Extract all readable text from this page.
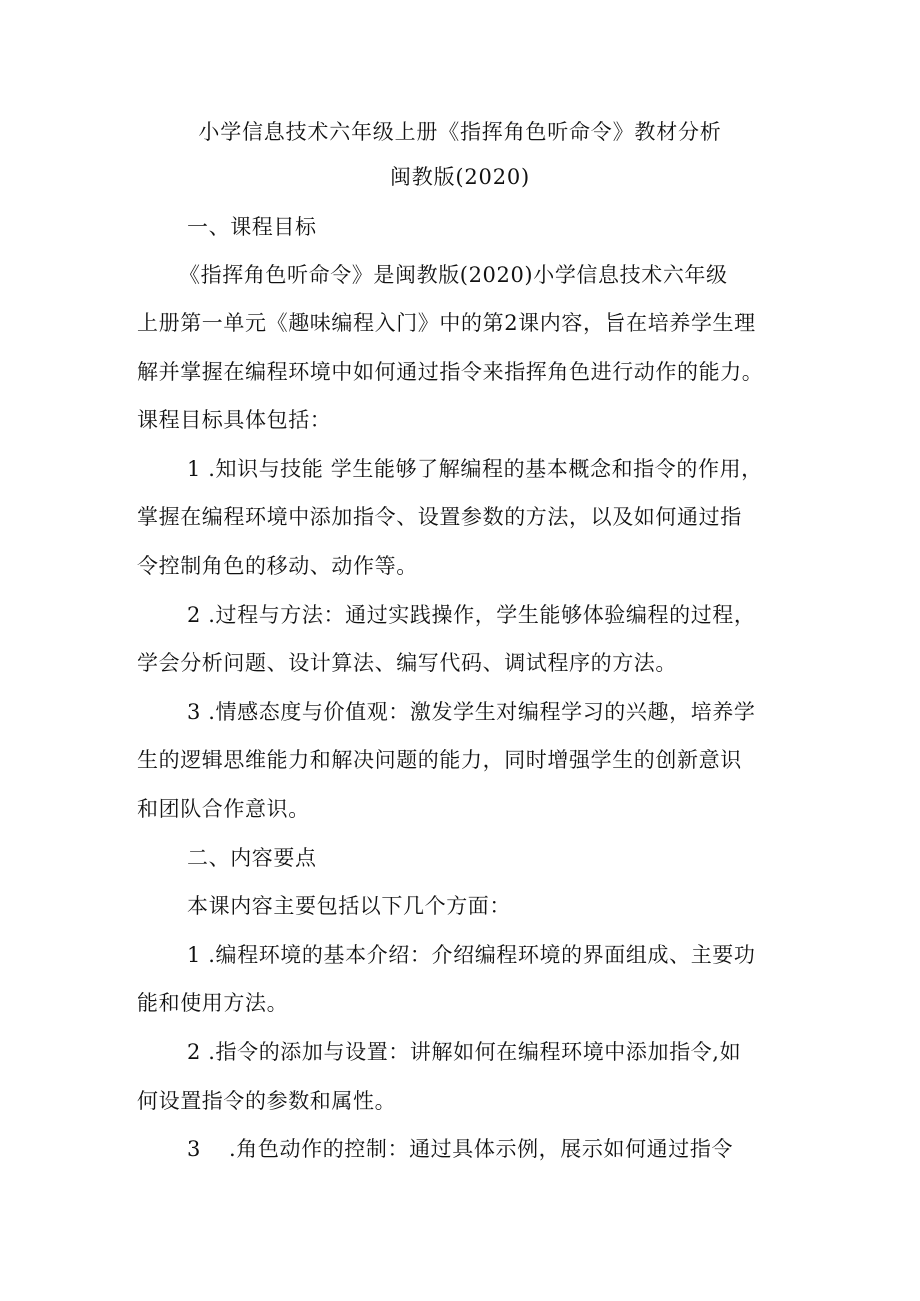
小学信息技术六年级上册《指挥角色听命令》教材分析
闽教版(2020)
一、课程目标
《指挥角色听命令》是闽教版(2020)小学信息技术六年级
上册第一单元《趣味编程入门》中的第2课内容，旨在培养学生理
解并掌握在编程环境中如何通过指令来指挥角色进行动作的能力。
课程目标具体包括：
1 .知识与技能 学生能够了解编程的基本概念和指令的作用，
掌握在编程环境中添加指令、设置参数的方法，以及如何通过指
令控制角色的移动、动作等。
2 .过程与方法：通过实践操作，学生能够体验编程的过程，
学会分析问题、设计算法、编写代码、调试程序的方法。
3 .情感态度与价值观：激发学生对编程学习的兴趣，培养学
生的逻辑思维能力和解决问题的能力，同时增强学生的创新意识
和团队合作意识。
二、内容要点
本课内容主要包括以下几个方面：
1 .编程环境的基本介绍：介绍编程环境的界面组成、主要功
能和使用方法。
2 .指令的添加与设置：讲解如何在编程环境中添加指令,如
何设置指令的参数和属性。
3 .角色动作的控制：通过具体示例，展示如何通过指令
